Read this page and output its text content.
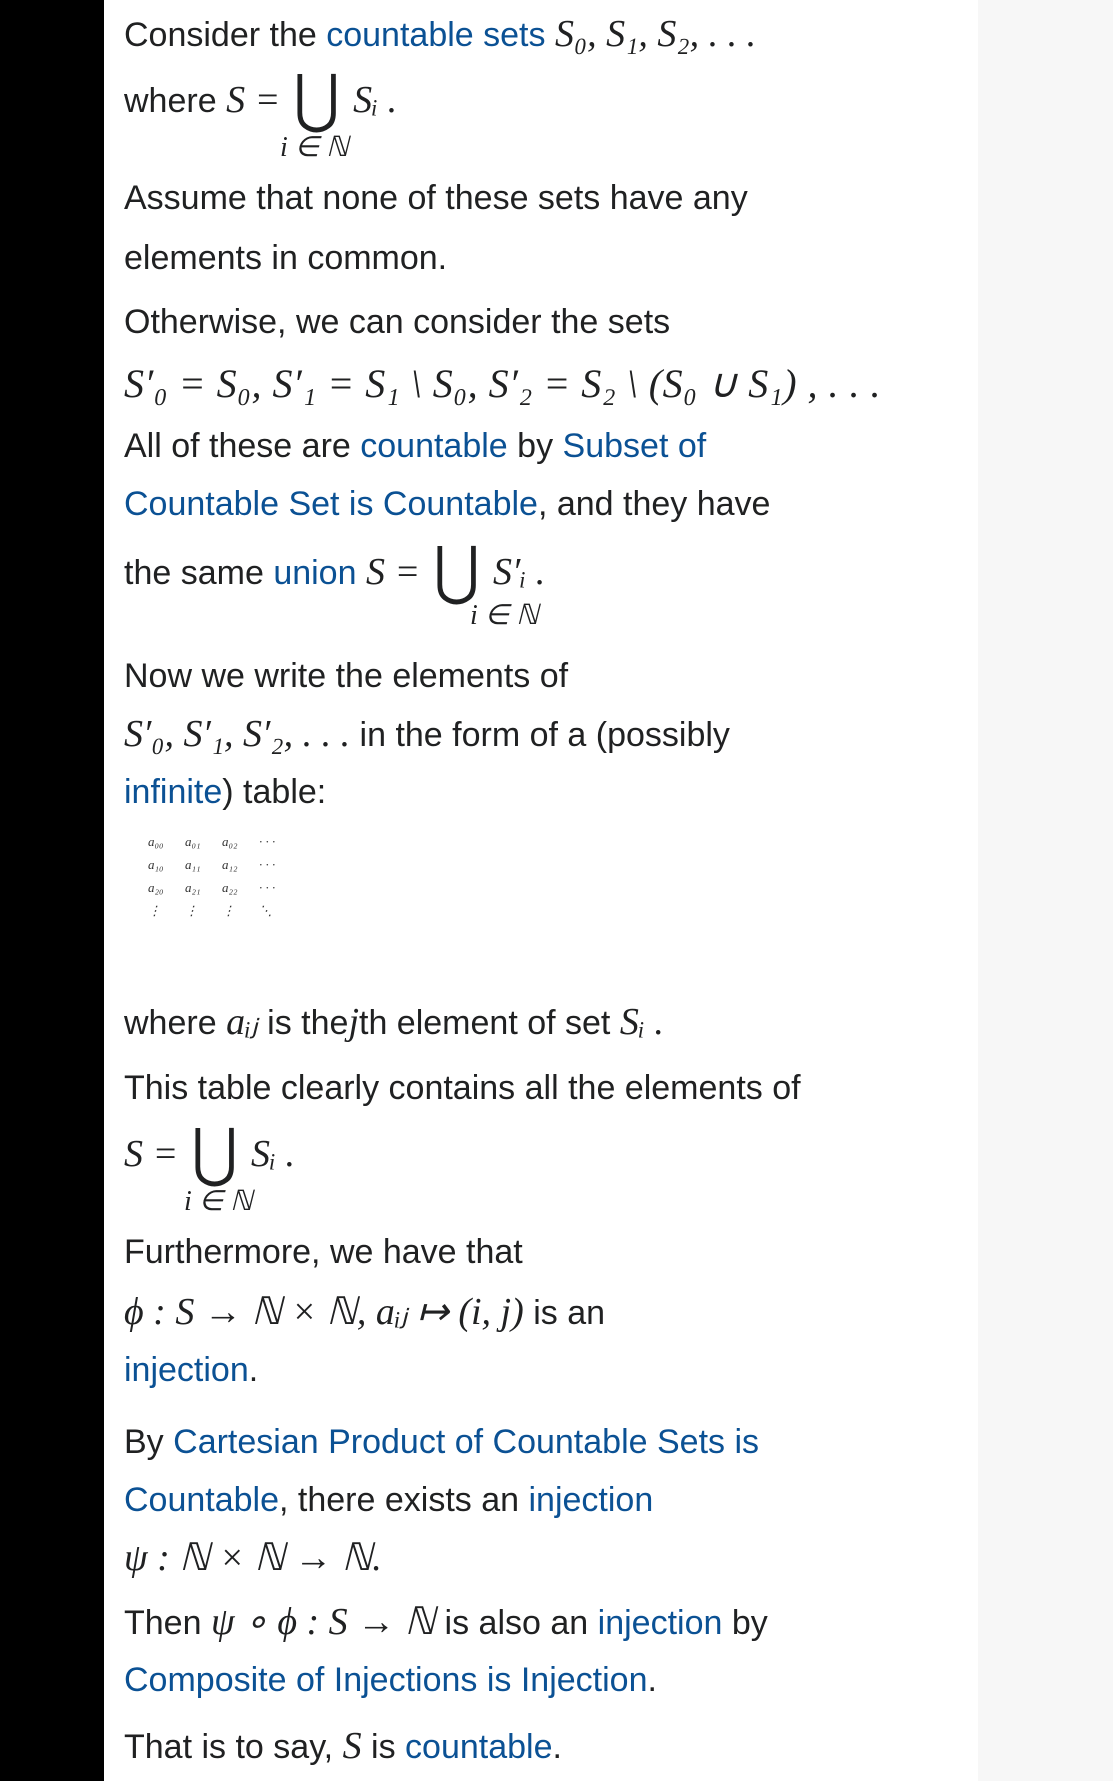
Consider the countable sets S₀, S₁, S₂, . . .
where S = ⋃ Sᵢ .
i ∈ ℕ
Assume that none of these sets have any
elements in common.
Otherwise, we can consider the sets
S′₀ = S₀, S′₁ = S₁ \ S₀, S′₂ = S₂ \ (S₀ ∪ S₁) , . . .
All of these are countable by Subset of
Countable Set is Countable, and they have
the same union S = ⋃ S′ᵢ .
i ∈ ℕ
Now we write the elements of
S′₀, S′₁, S′₂, . . . in the form of a (possibly
infinite) table:
a₀₀ a₀₁ a₀₂ · · ·
a₁₀ a₁₁ a₁₂ · · ·
a₂₀ a₂₁ a₂₂ · · ·
⋮ ⋮ ⋮ ⋱
where aᵢⱼ is thejth element of set Sᵢ .
This table clearly contains all the elements of
S = ⋃ Sᵢ .
i ∈ ℕ
Furthermore, we have that
ϕ : S → ℕ × ℕ, aᵢⱼ ↦ (i, j) is an
injection.
By Cartesian Product of Countable Sets is
Countable, there exists an injection
ψ : ℕ × ℕ → ℕ.
Then ψ ∘ ϕ : S → ℕ is also an injection by
Composite of Injections is Injection.
That is to say, S is countable.
